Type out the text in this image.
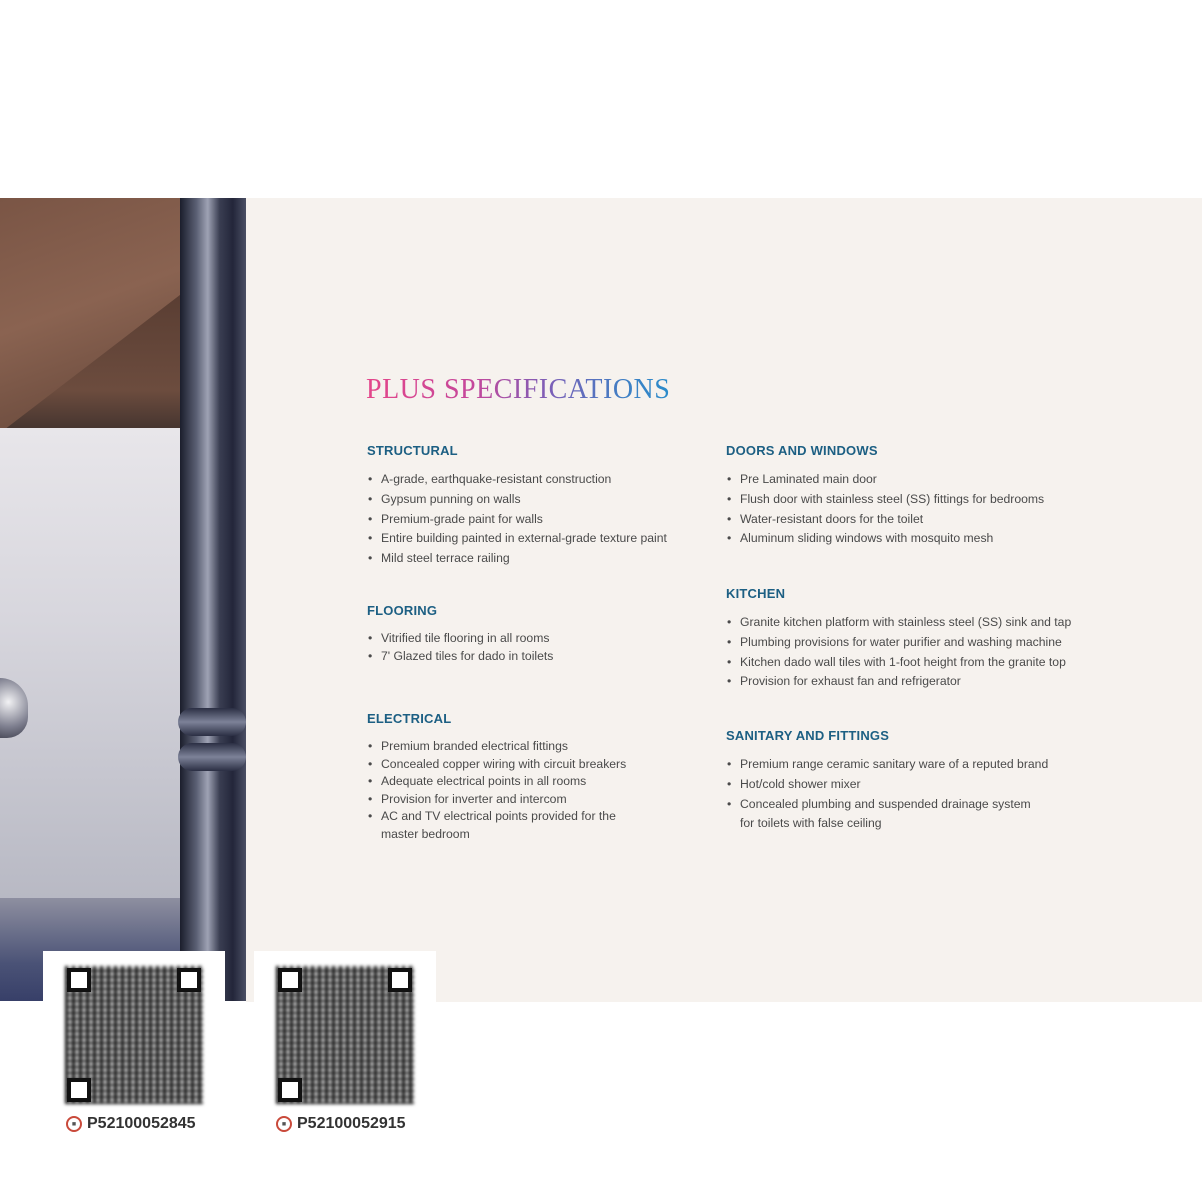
PLUS SPECIFICATIONS
STRUCTURAL
• A-grade, earthquake-resistant construction
• Gypsum punning on walls
• Premium-grade paint for walls
• Entire building painted in external-grade texture paint
• Mild steel terrace railing
FLOORING
• Vitrified tile flooring in all rooms
• 7' Glazed tiles for dado in toilets
ELECTRICAL
• Premium branded electrical fittings
• Concealed copper wiring with circuit breakers
• Adequate electrical points in all rooms
• Provision for inverter and intercom
• AC and TV electrical points provided for the
master bedroom
DOORS AND WINDOWS
• Pre Laminated main door
• Flush door with stainless steel (SS) fittings for bedrooms
• Water-resistant doors for the toilet
• Aluminum sliding windows with mosquito mesh
KITCHEN
• Granite kitchen platform with stainless steel (SS) sink and tap
• Plumbing provisions for water purifier and washing machine
• Kitchen dado wall tiles with 1-foot height from the granite top
• Provision for exhaust fan and refrigerator
SANITARY AND FITTINGS
• Premium range ceramic sanitary ware of a reputed brand
• Hot/cold shower mixer
• Concealed plumbing and suspended drainage system
for toilets with false ceiling
■ P52100052845	■ P52100052915
